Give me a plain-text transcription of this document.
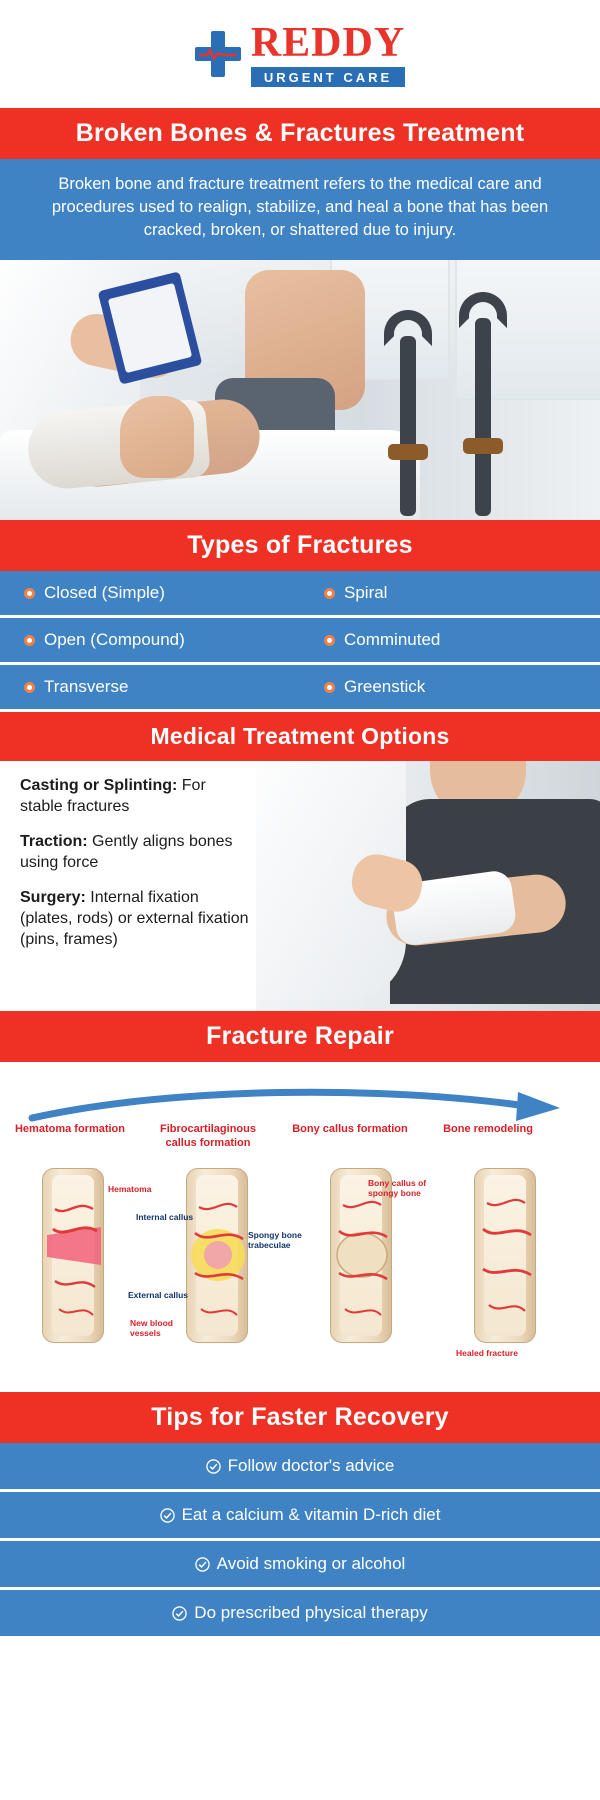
REDDY
URGENT CARE
Broken Bones & Fractures Treatment
Broken bone and fracture treatment refers to the medical care and procedures used to realign, stabilize, and heal a bone that has been cracked, broken, or shattered due to injury.
Types of Fractures
Closed (Simple)	Spiral
Open (Compound)	Comminuted
Transverse	Greenstick
Medical Treatment Options

Casting or Splinting: For stable fractures

Traction: Gently aligns bones using force

Surgery: Internal fixation (plates, rods) or external fixation (pins, frames)

Fracture Repair
Hematoma formation	Fibrocartilaginous callus formation
Bony callus formation	Bone remodeling
Hematoma
Internal callus
External callus
New blood vessels
Spongy bone trabeculae
Bony callus of spongy bone
Healed fracture
Tips for Faster Recovery
Follow doctor's advice
Eat a calcium & vitamin D-rich diet
Avoid smoking or alcohol
Do prescribed physical therapy
